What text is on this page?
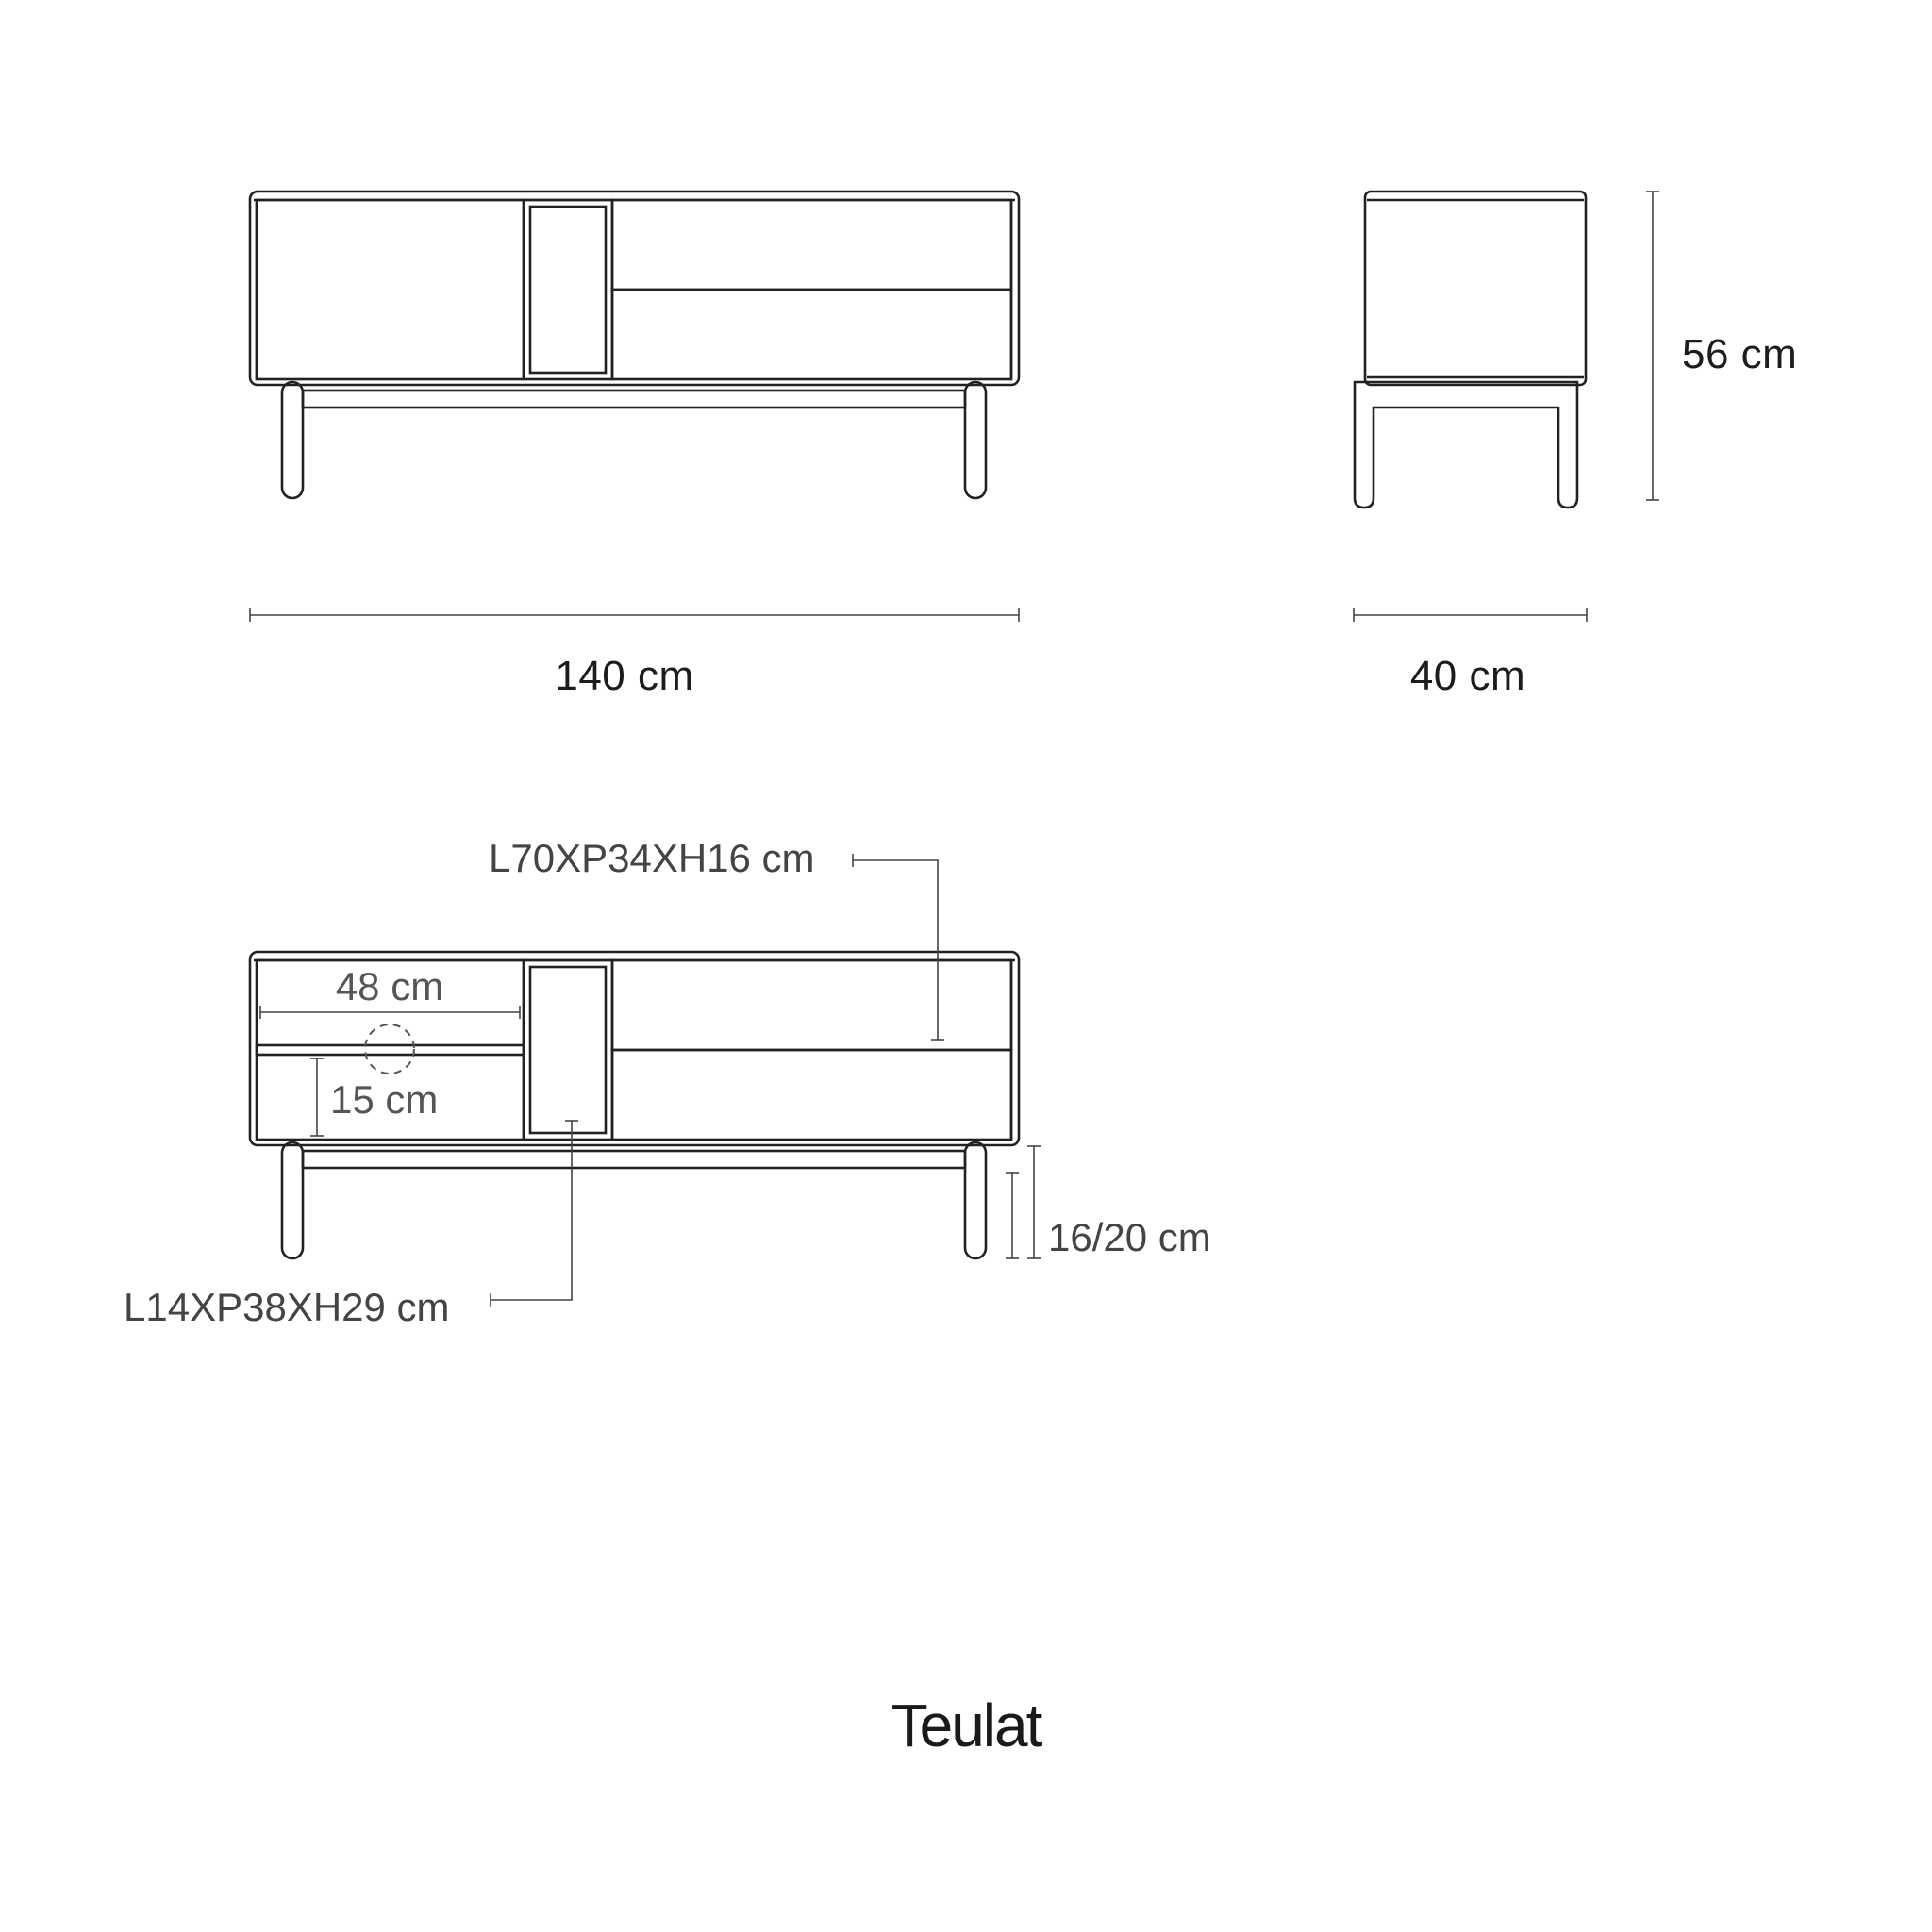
140 cm	40 cm
56 cm
48 cm
15 cm
L70XP34XH16 cm
L14XP38XH29 cm
16/20 cm
Teulat
